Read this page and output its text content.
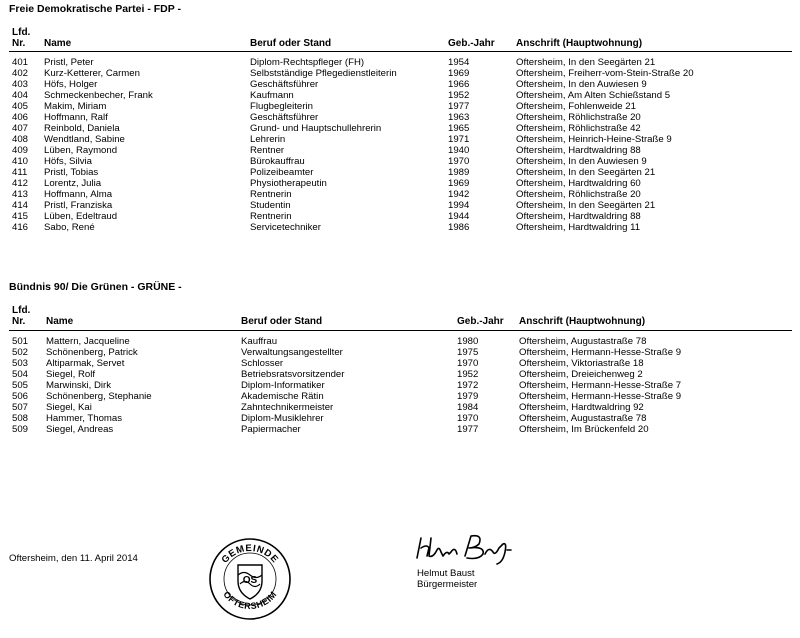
Freie Demokratische Partei - FDP -
Lfd.
Nr. Name	Beruf oder Stand	Geb.-Jahr Anschrift (Hauptwohnung)
401 Pristl, Peter	Diplom-Rechtspfleger (FH)	1954	Oftersheim, In den Seegärten 21
402 Kurz-Ketterer, Carmen	Selbstständige Pflegedienstleiterin	1969	Oftersheim, Freiherr-vom-Stein-Straße 20
403 Höfs, Holger	Geschäftsführer	1966	Oftersheim, In den Auwiesen 9
404 Schmeckenbecher, Frank	Kaufmann	1952	Oftersheim, Am Alten Schießstand 5
405 Makim, Miriam	Flugbegleiterin	1977	Oftersheim, Fohlenweide 21
406 Hoffmann, Ralf	Geschäftsführer	1963	Oftersheim, Röhlichstraße 20
407 Reinbold, Daniela	Grund- und Hauptschullehrerin	1965	Oftersheim, Röhlichstraße 42
408 Wendtland, Sabine	Lehrerin	1971	Oftersheim, Heinrich-Heine-Straße 9
409 Lüben, Raymond	Rentner	1940	Oftersheim, Hardtwaldring 88
410 Höfs, Silvia	Bürokauffrau	1970	Oftersheim, In den Auwiesen 9
411 Pristl, Tobias	Polizeibeamter	1989	Oftersheim, In den Seegärten 21
412 Lorentz, Julia	Physiotherapeutin	1969	Oftersheim, Hardtwaldring 60
413 Hoffmann, Alma	Rentnerin	1942	Oftersheim, Röhlichstraße 20
414 Pristl, Franziska	Studentin	1994	Oftersheim, In den Seegärten 21
415 Lüben, Edeltraud	Rentnerin	1944	Oftersheim, Hardtwaldring 88
416 Sabo, René	Servicetechniker	1986	Oftersheim, Hardtwaldring 11
Bündnis 90/ Die Grünen - GRÜNE -
Lfd.
Nr. Name	Beruf oder Stand	Geb.-Jahr Anschrift (Hauptwohnung)
501 Mattern, Jacqueline	Kauffrau	1980	Oftersheim, Augustastraße 78
502 Schönenberg, Patrick	Verwaltungsangestellter	1975	Oftersheim, Hermann-Hesse-Straße 9
503 Altiparmak, Servet	Schlosser	1970	Oftersheim, Viktoriastraße 18
504 Siegel, Rolf	Betriebsratsvorsitzender	1952	Oftersheim, Dreieichenweg 2
505 Marwinski, Dirk	Diplom-Informatiker	1972	Oftersheim, Hermann-Hesse-Straße 7
506 Schönenberg, Stephanie	Akademische Rätin	1979	Oftersheim, Hermann-Hesse-Straße 9
507 Siegel, Kai	Zahntechnikermeister	1984	Oftersheim, Hardtwaldring 92
508 Hammer, Thomas	Diplom-Musiklehrer	1970	Oftersheim, Augustastraße 78
509 Siegel, Andreas	Papiermacher	1977	Oftersheim, Im Brückenfeld 20
Oftersheim, den 11. April 2014	GEMEINDE
OFTERSHEIM
OS
Helmut Baust
Bürgermeister
